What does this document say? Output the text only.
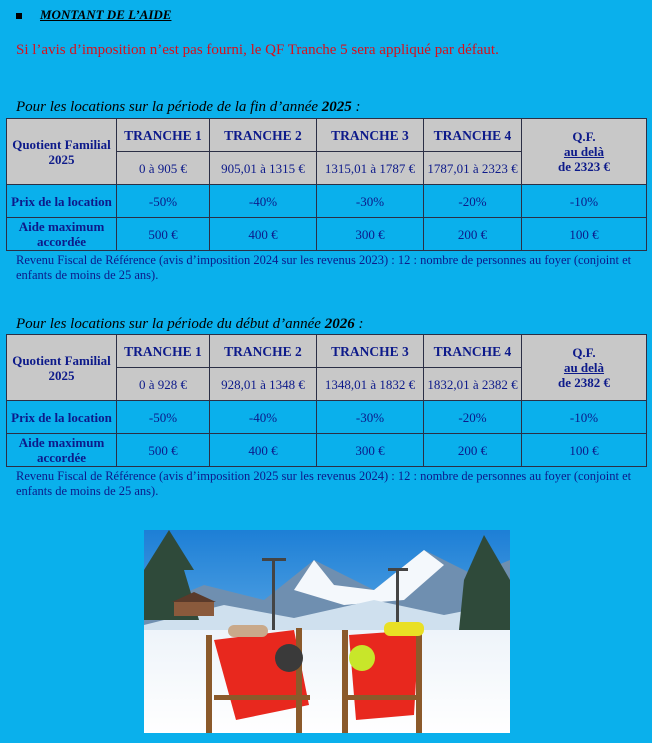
MONTANT DE L’AIDE
Si l’avis d’imposition n’est pas fourni, le QF Tranche 5 sera appliqué par défaut.
Pour les locations sur la période de la fin d’année 2025 :
Quotient Familial 2025	TRANCHE 1	TRANCHE 2	TRANCHE 3	TRANCHE 4	Q.F.
au delà
de 2323 €
	0 à 905 €	905,01 à 1315 €	1315,01 à 1787 €	1787,01 à 2323 €	
Prix de la location	-50%	-40%	-30%	-20%	-10%
Aide maximum accordée	500 €	400 €	300 €	200 €	100 €
Revenu Fiscal de Référence (avis d’imposition 2024 sur les revenus 2023) : 12 : nombre de personnes au foyer (conjoint et enfants de moins de 25 ans).
Pour les locations sur la période du début d’année 2026 :
Quotient Familial 2025	TRANCHE 1	TRANCHE 2	TRANCHE 3	TRANCHE 4	Q.F.
au delà
de 2382 €
	0 à 928 €	928,01 à 1348 €	1348,01 à 1832 €	1832,01 à 2382 €	
Prix de la location	-50%	-40%	-30%	-20%	-10%
Aide maximum accordée	500 €	400 €	300 €	200 €	100 €
Revenu Fiscal de Référence (avis d’imposition 2025 sur les revenus 2024) : 12 : nombre de personnes au foyer (conjoint et enfants de moins de 25 ans).
